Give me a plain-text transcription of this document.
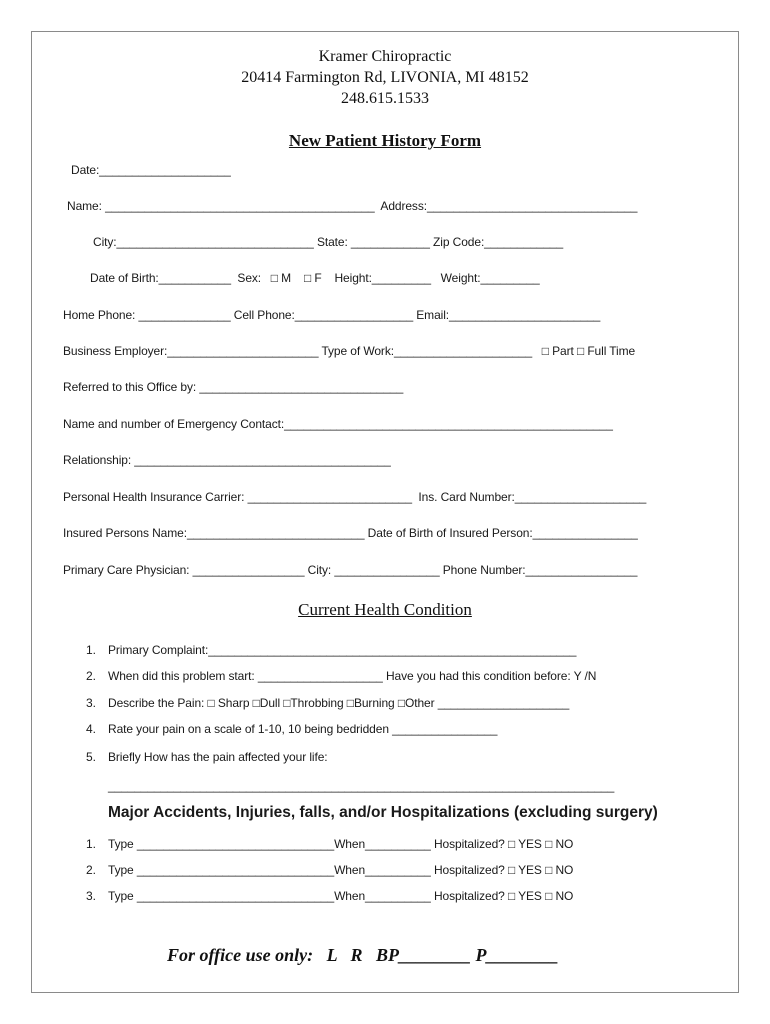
Kramer Chiropractic
20414 Farmington Rd, LIVONIA, MI 48152
248.615.1533
New Patient History Form
Date:____________________
Name: _________________________________________  Address:________________________________
City:______________________________ State: ____________ Zip Code:____________
Date of Birth:___________  Sex:   □ M    □ F    Height:_________   Weight:_________
Home Phone: ______________ Cell Phone:__________________ Email:_______________________
Business Employer:_______________________ Type of Work:_____________________   □ Part □ Full Time
Referred to this Office by: _______________________________
Name and number of Emergency Contact:__________________________________________________
Relationship: _______________________________________
Personal Health Insurance Carrier: _________________________  Ins. Card Number:____________________
Insured Persons Name:___________________________ Date of Birth of Insured Person:________________
Primary Care Physician: _________________ City: ________________ Phone Number:_________________
Current Health Condition
1. Primary Complaint:________________________________________________________
2. When did this problem start: ___________________ Have you had this condition before: Y /N
3. Describe the Pain: □ Sharp □Dull □Throbbing □Burning □Other ____________________
4. Rate your pain on a scale of 1-10, 10 being bedridden ________________
5. Briefly How has the pain affected your life:
_____________________________________________________________________________
Major Accidents, Injuries, falls, and/or Hospitalizations (excluding surgery)
1. Type ______________________________When__________ Hospitalized? □ YES □ NO
2. Type ______________________________When__________ Hospitalized? □ YES □ NO
3. Type ______________________________When__________ Hospitalized? □ YES □ NO
For office use only:   L   R   BP________ P________
